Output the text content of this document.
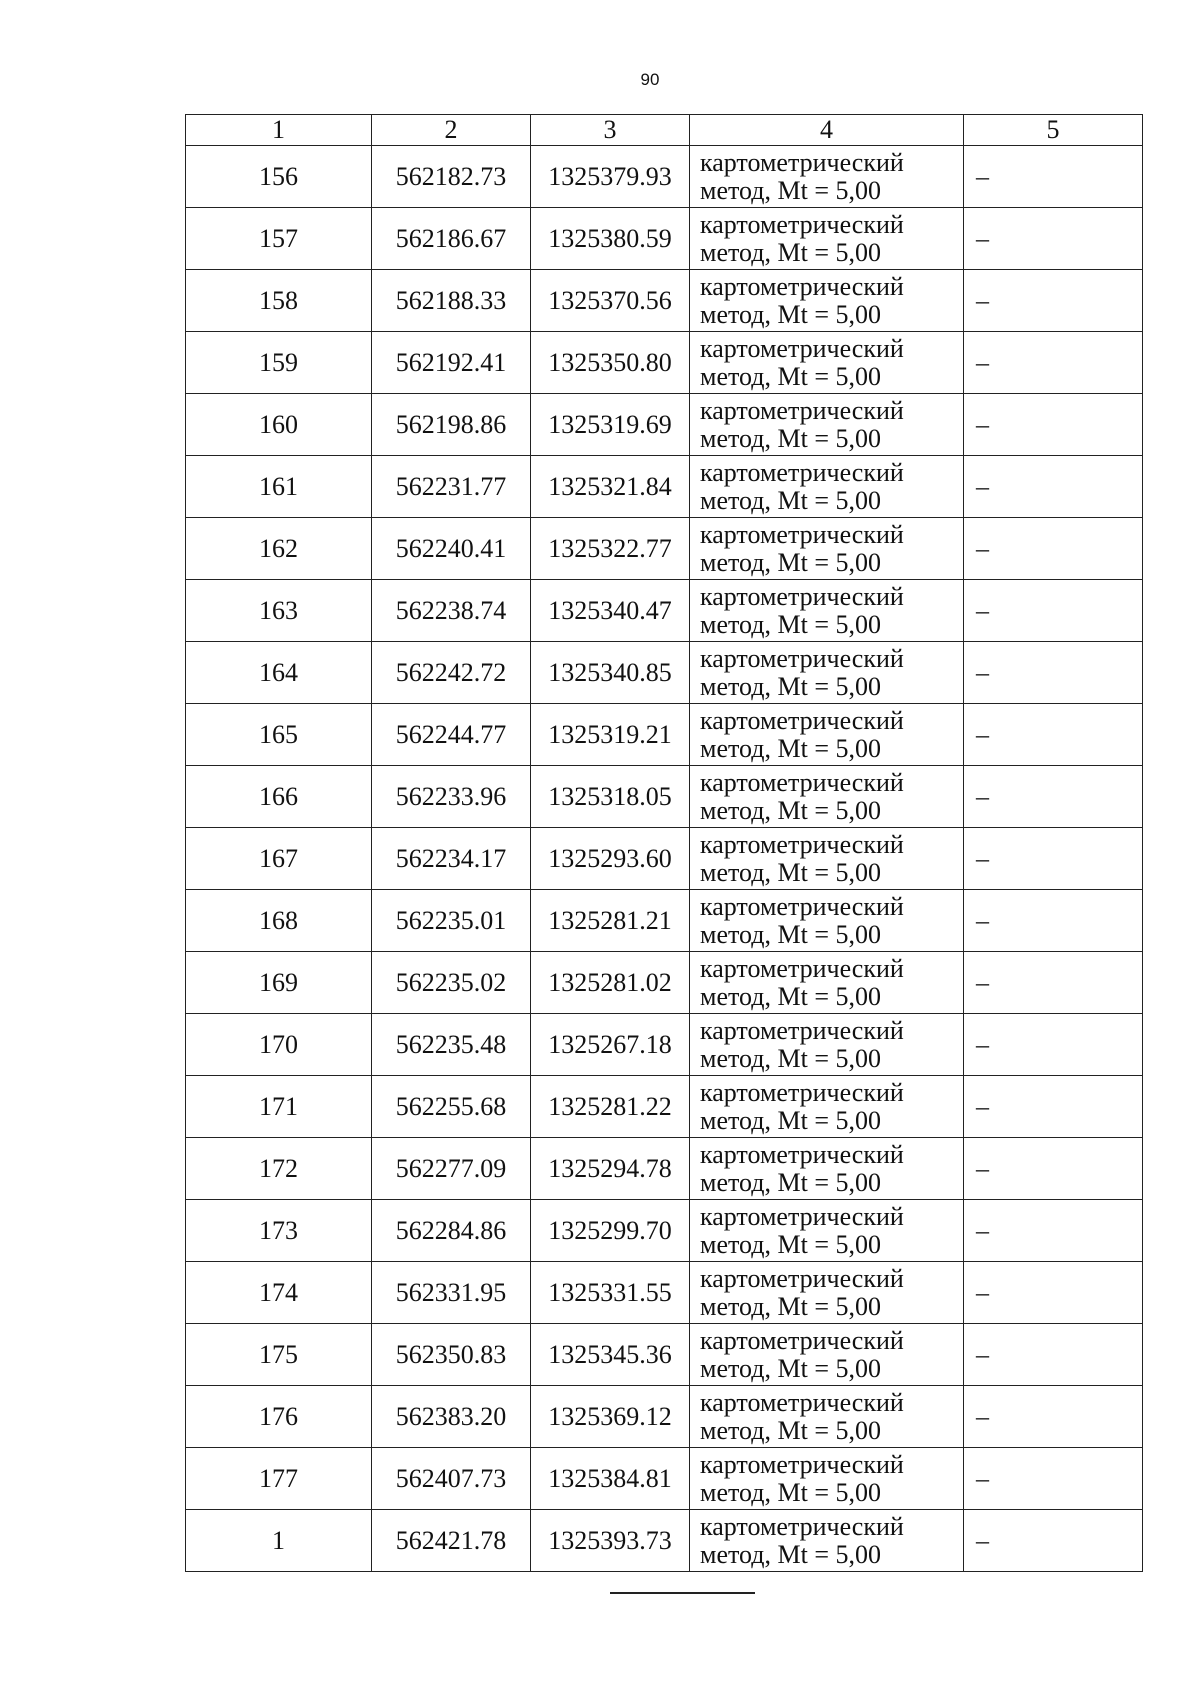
90
1	2	3	4	5
156	562182.73	1325379.93	картометрический
метод, Mt = 5,00	–
157	562186.67	1325380.59	картометрический
метод, Mt = 5,00	–
158	562188.33	1325370.56	картометрический
метод, Mt = 5,00	–
159	562192.41	1325350.80	картометрический
метод, Mt = 5,00	–
160	562198.86	1325319.69	картометрический
метод, Mt = 5,00	–
161	562231.77	1325321.84	картометрический
метод, Mt = 5,00	–
162	562240.41	1325322.77	картометрический
метод, Mt = 5,00	–
163	562238.74	1325340.47	картометрический
метод, Mt = 5,00	–
164	562242.72	1325340.85	картометрический
метод, Mt = 5,00	–
165	562244.77	1325319.21	картометрический
метод, Mt = 5,00	–
166	562233.96	1325318.05	картометрический
метод, Mt = 5,00	–
167	562234.17	1325293.60	картометрический
метод, Mt = 5,00	–
168	562235.01	1325281.21	картометрический
метод, Mt = 5,00	–
169	562235.02	1325281.02	картометрический
метод, Mt = 5,00	–
170	562235.48	1325267.18	картометрический
метод, Mt = 5,00	–
171	562255.68	1325281.22	картометрический
метод, Mt = 5,00	–
172	562277.09	1325294.78	картометрический
метод, Mt = 5,00	–
173	562284.86	1325299.70	картометрический
метод, Mt = 5,00	–
174	562331.95	1325331.55	картометрический
метод, Mt = 5,00	–
175	562350.83	1325345.36	картометрический
метод, Mt = 5,00	–
176	562383.20	1325369.12	картометрический
метод, Mt = 5,00	–
177	562407.73	1325384.81	картометрический
метод, Mt = 5,00	–
1	562421.78	1325393.73	картометрический
метод, Mt = 5,00	–
